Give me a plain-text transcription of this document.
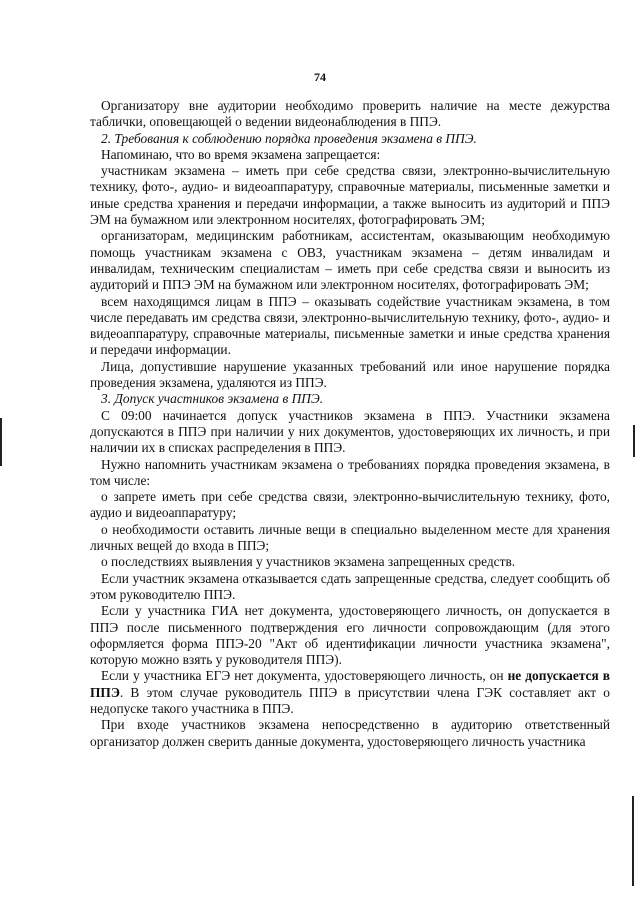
74

Организатору вне аудитории необходимо проверить наличие на месте дежурства таблички, оповещающей о ведении видеонаблюдения в ППЭ.

2. Требования к соблюдению порядка проведения экзамена в ППЭ.

Напоминаю, что во время экзамена запрещается:

участникам экзамена – иметь при себе средства связи, электронно-вычислительную технику, фото-, аудио- и видеоаппаратуру, справочные материалы, письменные заметки и иные средства хранения и передачи информации, а также выносить из аудиторий и ППЭ ЭМ на бумажном или электронном носителях, фотографировать ЭМ;

организаторам, медицинским работникам, ассистентам, оказывающим необходимую помощь участникам экзамена с ОВЗ, участникам экзамена – детям инвалидам и инвалидам, техническим специалистам – иметь при себе средства связи и выносить из аудиторий и ППЭ ЭМ на бумажном или электронном носителях, фотографировать ЭМ;

всем находящимся лицам в ППЭ – оказывать содействие участникам экзамена, в том числе передавать им средства связи, электронно-вычислительную технику, фото-, аудио- и видеоаппаратуру, справочные материалы, письменные заметки и иные средства хранения и передачи информации.

Лица, допустившие нарушение указанных требований или иное нарушение порядка проведения экзамена, удаляются из ППЭ.

3. Допуск участников экзамена в ППЭ.

С 09:00 начинается допуск участников экзамена в ППЭ. Участники экзамена допускаются в ППЭ при наличии у них документов, удостоверяющих их личность, и при наличии их в списках распределения в ППЭ.

Нужно напомнить участникам экзамена о требованиях порядка проведения экзамена, в том числе:

о запрете иметь при себе средства связи, электронно-вычислительную технику, фото, аудио и видеоаппаратуру;

о необходимости оставить личные вещи в специально выделенном месте для хранения личных вещей до входа в ППЭ;

о последствиях выявления у участников экзамена запрещенных средств.

Если участник экзамена отказывается сдать запрещенные средства, следует сообщить об этом руководителю ППЭ.

Если у участника ГИА нет документа, удостоверяющего личность, он допускается в ППЭ после письменного подтверждения его личности сопровождающим (для этого оформляется форма ППЭ-20 "Акт об идентификации личности участника экзамена", которую можно взять у руководителя ППЭ).

Если у участника ЕГЭ нет документа, удостоверяющего личность, он не допускается в ППЭ. В этом случае руководитель ППЭ в присутствии члена ГЭК составляет акт о недопуске такого участника в ППЭ.

При входе участников экзамена непосредственно в аудиторию ответственный организатор должен сверить данные документа, удостоверяющего личность участника
